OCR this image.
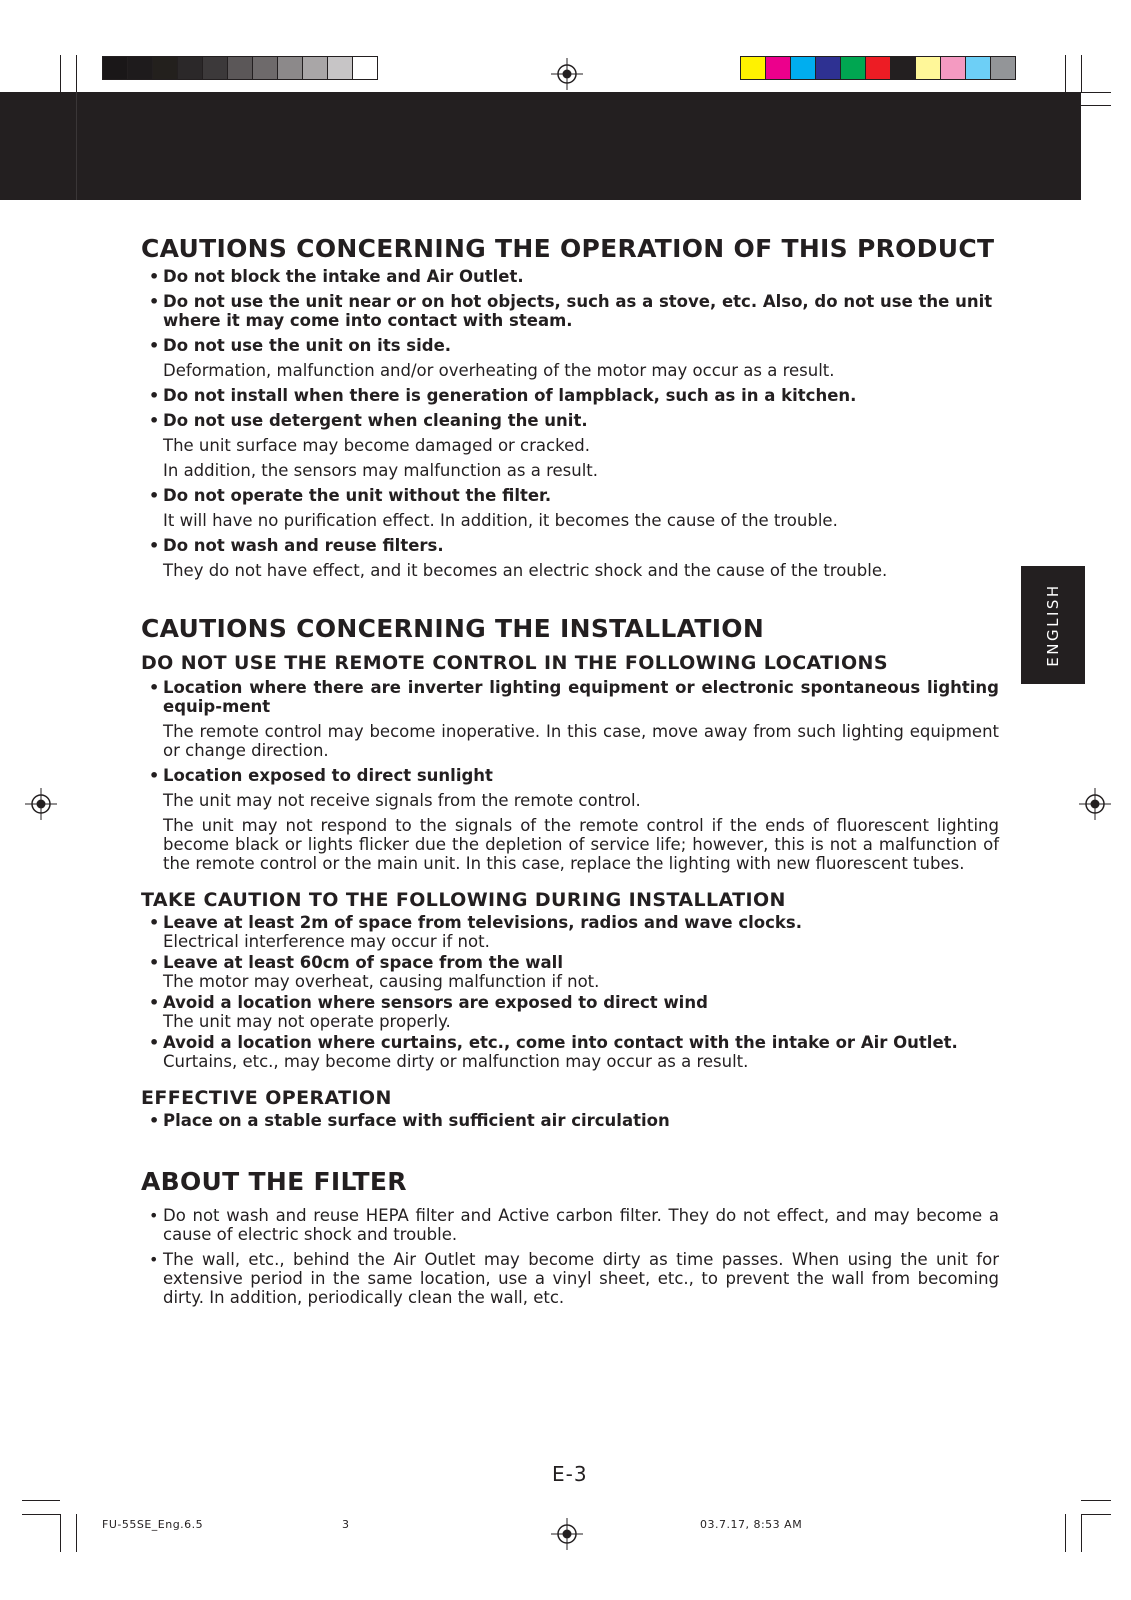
ENGLISH
CAUTIONS CONCERNING THE OPERATION OF THIS PRODUCT
• Do not block the intake and Air Outlet.
• Do not use the unit near or on hot objects, such as a stove, etc. Also, do not use the unit where it may come into contact with steam.
• Do not use the unit on its side.
Deformation, malfunction and/or overheating of the motor may occur as a result.
• Do not install when there is generation of lampblack, such as in a kitchen.
• Do not use detergent when cleaning the unit.
The unit surface may become damaged or cracked.
In addition, the sensors may malfunction as a result.
• Do not operate the unit without the filter.
It will have no purification effect. In addition, it becomes the cause of the trouble.
• Do not wash and reuse filters.
They do not have effect, and it becomes an electric shock and the cause of the trouble.
CAUTIONS CONCERNING THE INSTALLATION
DO NOT USE THE REMOTE CONTROL IN THE FOLLOWING LOCATIONS
• Location where there are inverter lighting equipment or electronic spontaneous lighting equip-ment
The remote control may become inoperative. In this case, move away from such lighting equipment or change direction.
• Location exposed to direct sunlight
The unit may not receive signals from the remote control.
The unit may not respond to the signals of the remote control if the ends of fluorescent lighting become black or lights flicker due the depletion of service life; however, this is not a malfunction of the remote control or the main unit. In this case, replace the lighting with new fluorescent tubes.
TAKE CAUTION TO THE FOLLOWING DURING INSTALLATION
• Leave at least 2m of space from televisions, radios and wave clocks.
Electrical interference may occur if not.
• Leave at least 60cm of space from the wall
The motor may overheat, causing malfunction if not.
• Avoid a location where sensors are exposed to direct wind
The unit may not operate properly.
• Avoid a location where curtains, etc., come into contact with the intake or Air Outlet.
Curtains, etc., may become dirty or malfunction may occur as a result.
EFFECTIVE OPERATION
• Place on a stable surface with sufficient air circulation
ABOUT THE FILTER
• Do not wash and reuse HEPA filter and Active carbon filter. They do not effect, and may become a cause of electric shock and trouble.
• The wall, etc., behind the Air Outlet may become dirty as time passes. When using the unit for extensive period in the same location, use a vinyl sheet, etc., to prevent the wall from becoming dirty. In addition, periodically clean the wall, etc.
E-3
FU-55SE_Eng.6.5	3	03.7.17, 8:53 AM
